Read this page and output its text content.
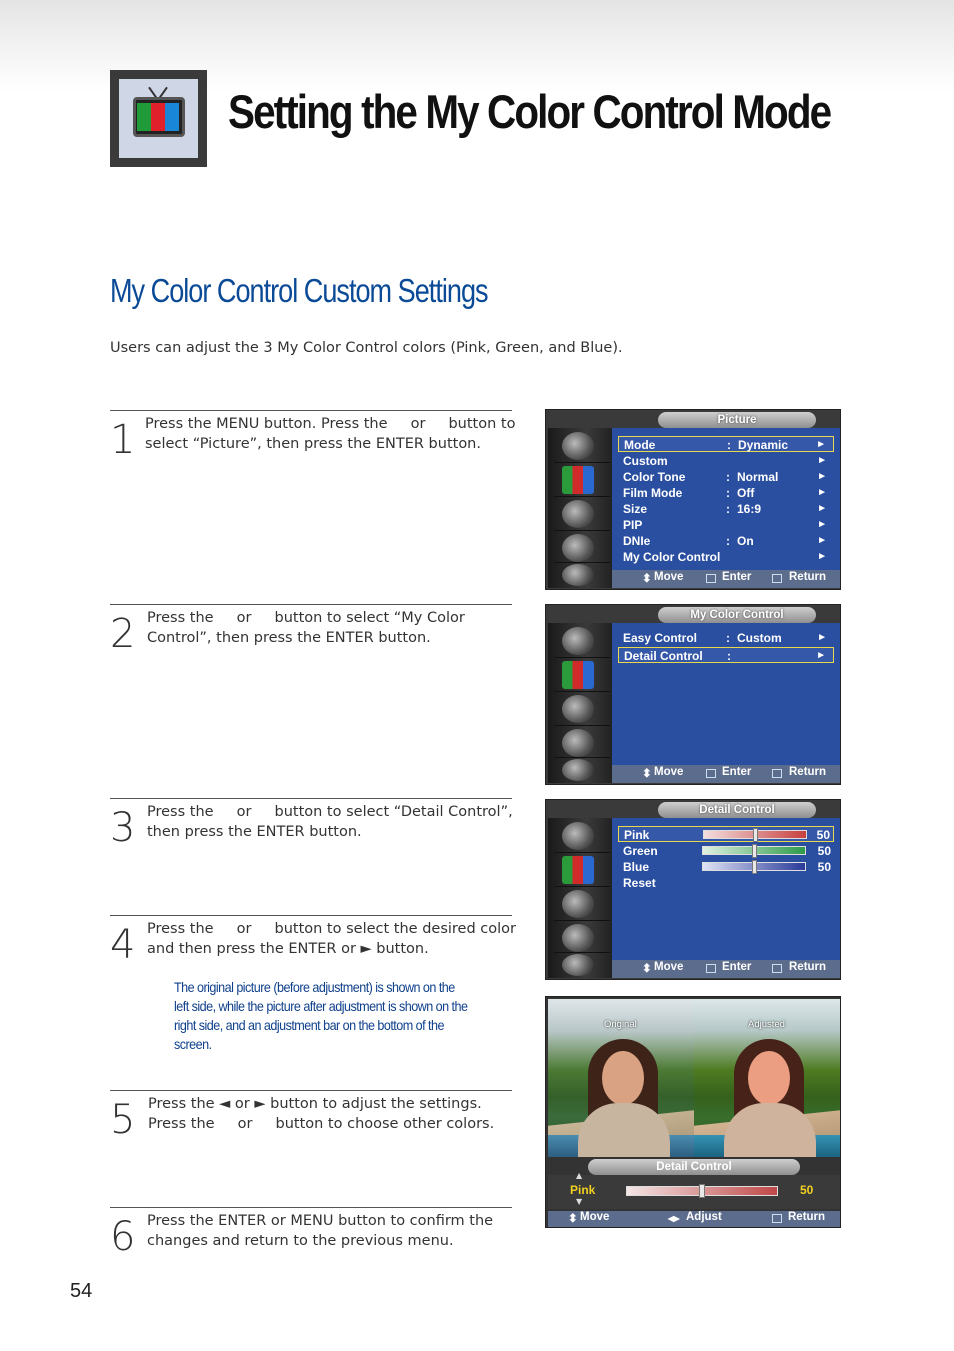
Setting the My Color Control Mode
My Color Control Custom Settings
Users can adjust the 3 My Color Control colors (Pink, Green, and Blue).
1 Press the MENU button. Press the     or     button to
select “Picture”, then press the ENTER button.
2 Press the     or     button to select “My Color
Control”, then press the ENTER button.
3 Press the     or     button to select “Detail Control”,
then press the ENTER button.
4 Press the     or     button to select the desired color
and then press the ENTER or ► button.
The original picture (before adjustment) is shown on the left side, while the picture after adjustment is shown on the right side, and an adjustment bar on the bottom of the screen.
5 Press the ◄ or ► button to adjust the settings.
Press the     or     button to choose other colors.
6 Press the ENTER or MENU button to confirm the
changes and return to the previous menu.
54
Picture
Mode	: Dynamic	►
Custom	►
Color Tone	: Normal	►
Film Mode	: Off	►
Size	: 16:9	►
PIP	►
DNIe	: On	►
My Color Control	►
⬍ Move	Enter	Return
My Color Control
Easy Control : Custom	►
Detail Control :	►
⬍ Move	Enter	Return
Detail Control
Pink	50
Green	50
Blue	50
Reset
⬍ Move	Enter	Return
Original	Adjusted
Detail Control
▲
Pink
▼
50
⬍ Move	◂▸ Adjust	Return
